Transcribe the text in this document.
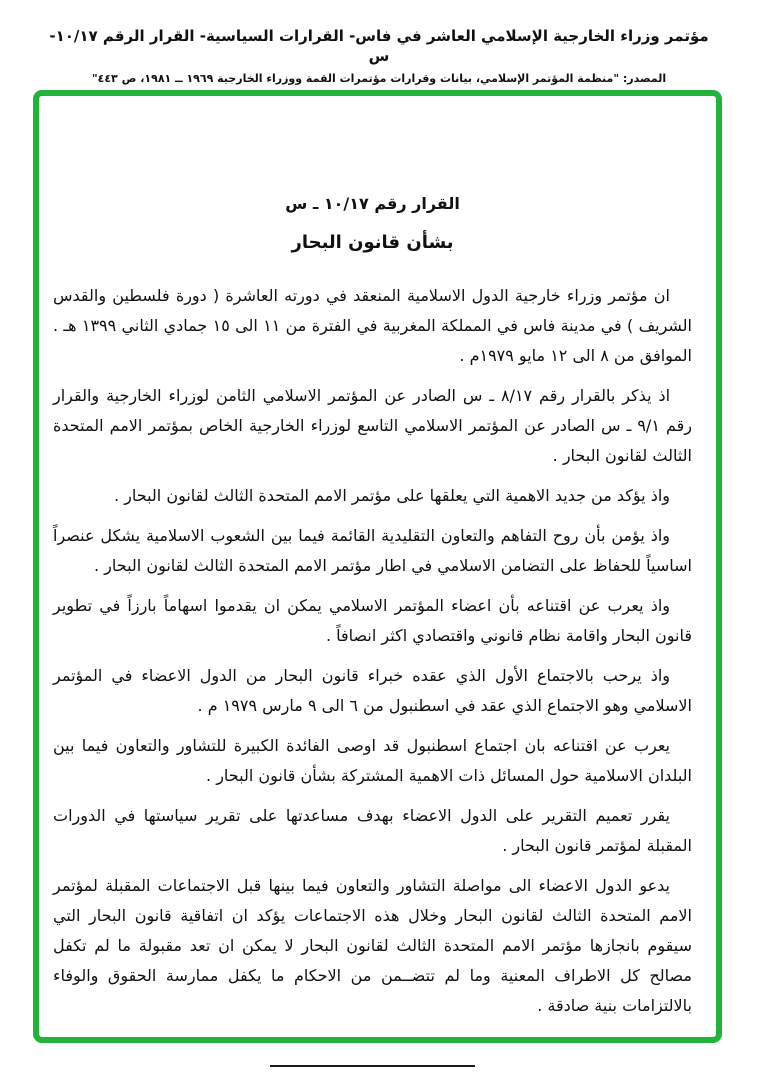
مؤتمر وزراء الخارجية الإسلامي العاشر في فاس- القرارات السياسية- القرار الرقم ١٠/١٧- س
المصدر: "منظمة المؤتمر الإسلامي، بيانات وقرارات مؤتمرات القمة ووزراء الخارجية ١٩٦٩ ــ ١٩٨١، ص ٤٤٣"
القرار رقم ١٠/١٧ ـ س
بشأن قانون البحار

ان مؤتمر وزراء خارجية الدول الاسلامية المنعقد في دورته العاشرة ( دورة فلسطين والقدس الشريف ) في مدينة فاس في المملكة المغربية في الفترة من ١١ الى ١٥ جمادي الثاني ١٣٩٩ هـ . الموافق من ٨ الى ١٢ مايو ١٩٧٩م .

اذ يذكر بالقرار رقم ٨/١٧ ـ س الصادر عن المؤتمر الاسلامي الثامن لوزراء الخارجية والقرار رقم ٩/١ ـ س الصادر عن المؤتمر الاسلامي التاسع لوزراء الخارجية الخاص بمؤتمر الامم المتحدة الثالث لقانون البحار .

واذ يؤكد من جديد الاهمية التي يعلقها على مؤتمر الامم المتحدة الثالث لقانون البحار .

واذ يؤمن بأن روح التفاهم والتعاون التقليدية القائمة فيما بين الشعوب الاسلامية يشكل عنصراً اساسياً للحفاظ على التضامن الاسلامي في اطار مؤتمر الامم المتحدة الثالث لقانون البحار .

واذ يعرب عن اقتناعه بأن اعضاء المؤتمر الاسلامي يمكن ان يقدموا اسهاماً بارزاً في تطوير قانون البحار واقامة نظام قانوني واقتصادي اكثر انصافاً .

واذ يرحب بالاجتماع الأول الذي عقده خبراء قانون البحار من الدول الاعضاء في المؤتمر الاسلامي وهو الاجتماع الذي عقد في اسطنبول من ٦ الى ٩ مارس ١٩٧٩ م .

يعرب عن اقتناعه بان اجتماع اسطنبول قد اوصى الفائدة الكبيرة للتشاور والتعاون فيما بين البلدان الاسلامية حول المسائل ذات الاهمية المشتركة بشأن قانون البحار .

يقرر تعميم التقرير على الدول الاعضاء بهدف مساعدتها على تقرير سياستها في الدورات المقبلة لمؤتمر قانون البحار .

يدعو الدول الاعضاء الى مواصلة التشاور والتعاون فيما بينها قبل الاجتماعات المقبلة لمؤتمر الامم المتحدة الثالث لقانون البحار وخلال هذه الاجتماعات يؤكد ان اتفاقية قانون البحار التي سيقوم بانجازها مؤتمر الامم المتحدة الثالث لقانون البحار لا يمكن ان تعد مقبولة ما لم تكفل مصالح كل الاطراف المعنية وما لم تتضــمن من الاحكام ما يكفل ممارسة الحقوق والوفاء بالالتزامات بنية صادقة .
